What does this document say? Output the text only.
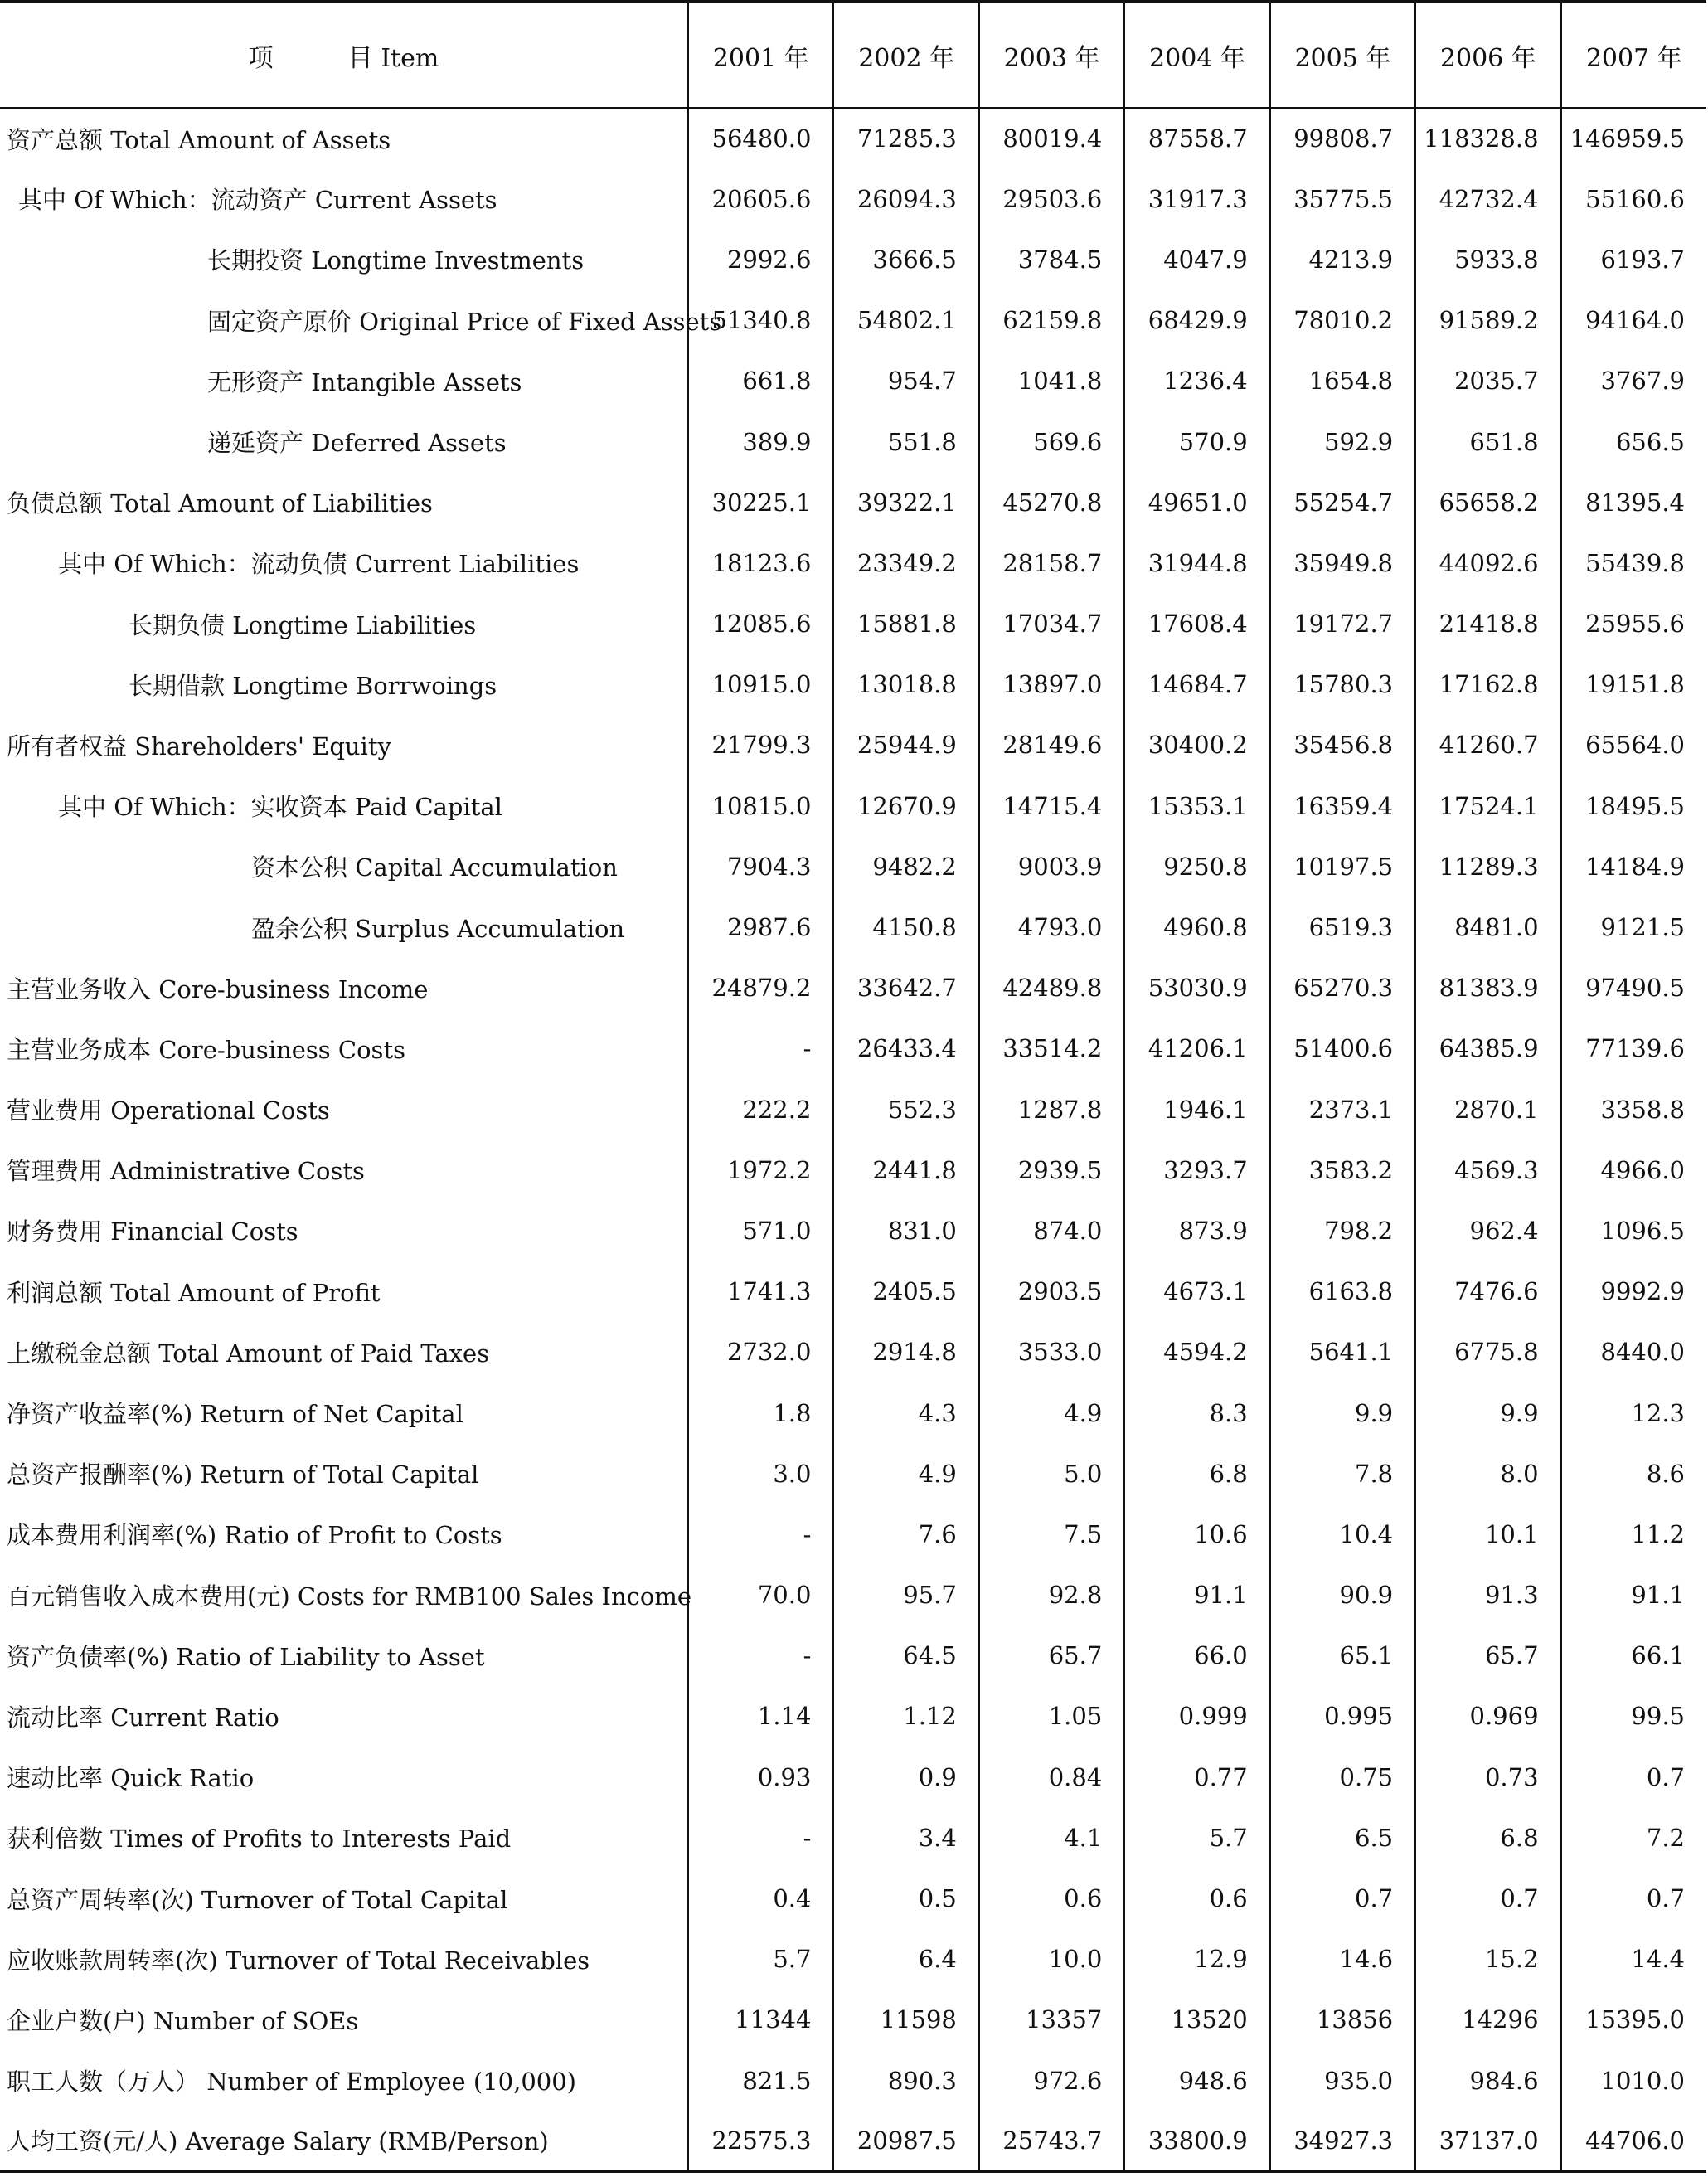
项 目 Item	2001 年	2002 年	2003 年	2004 年	2005 年	2006 年	2007 年
资产总额 Total Amount of Assets	56480.0	71285.3	80019.4	87558.7	99808.7	118328.8	146959.5
其中 Of Which：流动资产 Current Assets	20605.6	26094.3	29503.6	31917.3	35775.5	42732.4	55160.6
长期投资 Longtime Investments	2992.6	3666.5	3784.5	4047.9	4213.9	5933.8	6193.7
固定资产原价 Original Price of Fixed Assets	51340.8	54802.1	62159.8	68429.9	78010.2	91589.2	94164.0
无形资产 Intangible Assets	661.8	954.7	1041.8	1236.4	1654.8	2035.7	3767.9
递延资产 Deferred Assets	389.9	551.8	569.6	570.9	592.9	651.8	656.5
负债总额 Total Amount of Liabilities	30225.1	39322.1	45270.8	49651.0	55254.7	65658.2	81395.4
其中 Of Which：流动负债 Current Liabilities	18123.6	23349.2	28158.7	31944.8	35949.8	44092.6	55439.8
长期负债 Longtime Liabilities	12085.6	15881.8	17034.7	17608.4	19172.7	21418.8	25955.6
长期借款 Longtime Borrwoings	10915.0	13018.8	13897.0	14684.7	15780.3	17162.8	19151.8
所有者权益 Shareholders' Equity	21799.3	25944.9	28149.6	30400.2	35456.8	41260.7	65564.0
其中 Of Which：实收资本 Paid Capital	10815.0	12670.9	14715.4	15353.1	16359.4	17524.1	18495.5
资本公积 Capital Accumulation	7904.3	9482.2	9003.9	9250.8	10197.5	11289.3	14184.9
盈余公积 Surplus Accumulation	2987.6	4150.8	4793.0	4960.8	6519.3	8481.0	9121.5
主营业务收入 Core-business Income	24879.2	33642.7	42489.8	53030.9	65270.3	81383.9	97490.5
主营业务成本 Core-business Costs	-	26433.4	33514.2	41206.1	51400.6	64385.9	77139.6
营业费用 Operational Costs	222.2	552.3	1287.8	1946.1	2373.1	2870.1	3358.8
管理费用 Administrative Costs	1972.2	2441.8	2939.5	3293.7	3583.2	4569.3	4966.0
财务费用 Financial Costs	571.0	831.0	874.0	873.9	798.2	962.4	1096.5
利润总额 Total Amount of Profit	1741.3	2405.5	2903.5	4673.1	6163.8	7476.6	9992.9
上缴税金总额 Total Amount of Paid Taxes	2732.0	2914.8	3533.0	4594.2	5641.1	6775.8	8440.0
净资产收益率(%) Return of Net Capital	1.8	4.3	4.9	8.3	9.9	9.9	12.3
总资产报酬率(%) Return of Total Capital	3.0	4.9	5.0	6.8	7.8	8.0	8.6
成本费用利润率(%) Ratio of Profit to Costs	-	7.6	7.5	10.6	10.4	10.1	11.2
百元销售收入成本费用(元) Costs for RMB100 Sales Income	70.0	95.7	92.8	91.1	90.9	91.3	91.1
资产负债率(%) Ratio of Liability to Asset	-	64.5	65.7	66.0	65.1	65.7	66.1
流动比率 Current Ratio	1.14	1.12	1.05	0.999	0.995	0.969	99.5
速动比率 Quick Ratio	0.93	0.9	0.84	0.77	0.75	0.73	0.7
获利倍数 Times of Profits to Interests Paid	-	3.4	4.1	5.7	6.5	6.8	7.2
总资产周转率(次) Turnover of Total Capital	0.4	0.5	0.6	0.6	0.7	0.7	0.7
应收账款周转率(次) Turnover of Total Receivables	5.7	6.4	10.0	12.9	14.6	15.2	14.4
企业户数(户) Number of SOEs	11344	11598	13357	13520	13856	14296	15395.0
职工人数（万人） Number of Employee (10,000)	821.5	890.3	972.6	948.6	935.0	984.6	1010.0
人均工资(元/人) Average Salary (RMB/Person)	22575.3	20987.5	25743.7	33800.9	34927.3	37137.0	44706.0
